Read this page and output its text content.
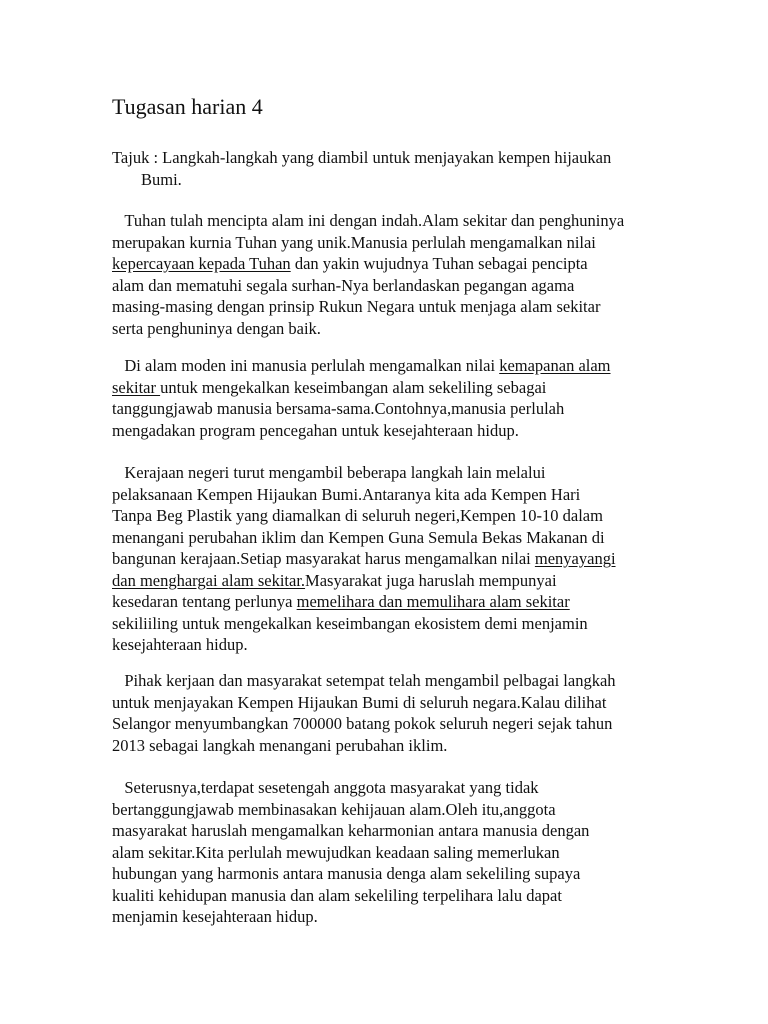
Tugasan harian 4
Tajuk : Langkah-langkah yang diambil untuk menjayakan kempen hijaukan
Bumi.
Tuhan tulah mencipta alam ini dengan indah.Alam sekitar dan penghuninya
merupakan kurnia Tuhan yang unik.Manusia perlulah mengamalkan nilai
kepercayaan kepada Tuhan dan yakin wujudnya Tuhan sebagai pencipta
alam dan mematuhi segala surhan-Nya berlandaskan pegangan agama
masing-masing dengan prinsip Rukun Negara untuk menjaga alam sekitar
serta penghuninya dengan baik.
Di alam moden ini manusia perlulah mengamalkan nilai kemapanan alam
sekitar untuk mengekalkan keseimbangan alam sekeliling sebagai
tanggungjawab manusia bersama-sama.Contohnya,manusia perlulah
mengadakan program pencegahan untuk kesejahteraan hidup.
Kerajaan negeri turut mengambil beberapa langkah lain melalui
pelaksanaan Kempen Hijaukan Bumi.Antaranya kita ada Kempen Hari
Tanpa Beg Plastik yang diamalkan di seluruh negeri,Kempen 10-10 dalam
menangani perubahan iklim dan Kempen Guna Semula Bekas Makanan di
bangunan kerajaan.Setiap masyarakat harus mengamalkan nilai menyayangi
dan menghargai alam sekitar.Masyarakat juga haruslah mempunyai
kesedaran tentang perlunya memelihara dan memulihara alam sekitar
sekiliiling untuk mengekalkan keseimbangan ekosistem demi menjamin
kesejahteraan hidup.
Pihak kerjaan dan masyarakat setempat telah mengambil pelbagai langkah
untuk menjayakan Kempen Hijaukan Bumi di seluruh negara.Kalau dilihat
Selangor menyumbangkan 700000 batang pokok seluruh negeri sejak tahun
2013 sebagai langkah menangani perubahan iklim.
Seterusnya,terdapat sesetengah anggota masyarakat yang tidak
bertanggungjawab membinasakan kehijauan alam.Oleh itu,anggota
masyarakat haruslah mengamalkan keharmonian antara manusia dengan
alam sekitar.Kita perlulah mewujudkan keadaan saling memerlukan
hubungan yang harmonis antara manusia denga alam sekeliling supaya
kualiti kehidupan manusia dan alam sekeliling terpelihara lalu dapat
menjamin kesejahteraan hidup.
